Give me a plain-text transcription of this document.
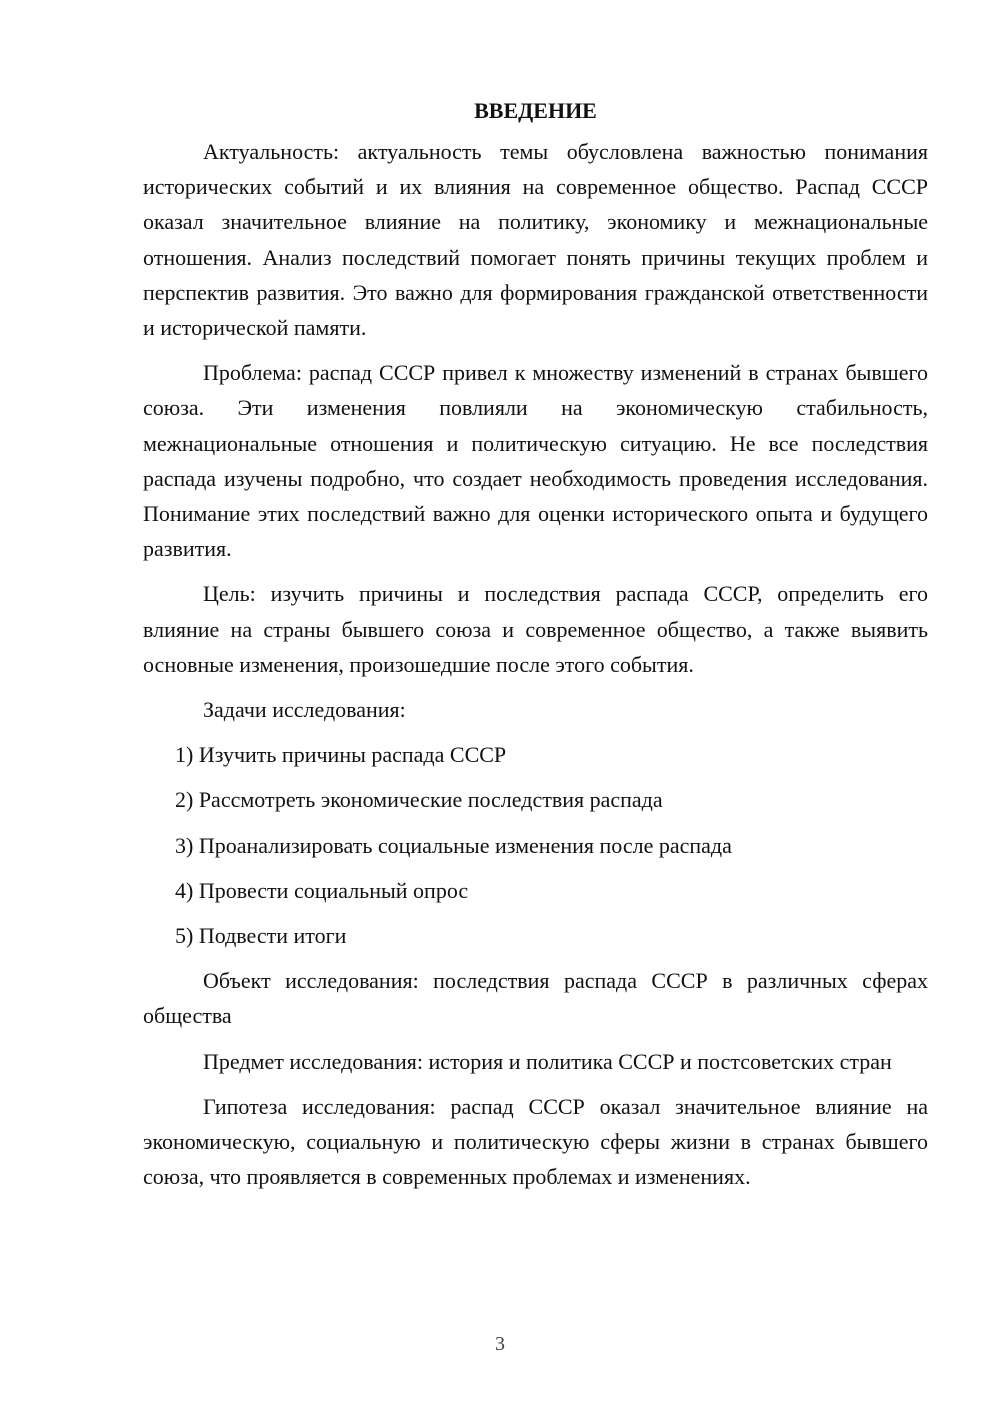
ВВЕДЕНИЕ

Актуальность: актуальность темы обусловлена важностью понимания исторических событий и их влияния на современное общество. Распад СССР оказал значительное влияние на политику, экономику и межнациональные отношения. Анализ последствий помогает понять причины текущих проблем и перспектив развития. Это важно для формирования гражданской ответственности и исторической памяти.

Проблема: распад СССР привел к множеству изменений в странах бывшего союза. Эти изменения повлияли на экономическую стабильность, межнациональные отношения и политическую ситуацию. Не все последствия распада изучены подробно, что создает необходимость проведения исследования. Понимание этих последствий важно для оценки исторического опыта и будущего развития.

Цель: изучить причины и последствия распада СССР, определить его влияние на страны бывшего союза и современное общество, а также выявить основные изменения, произошедшие после этого события.

Задачи исследования:

1) Изучить причины распада СССР
2) Рассмотреть экономические последствия распада
3) Проанализировать социальные изменения после распада
4) Провести социальный опрос
5) Подвести итоги

Объект исследования: последствия распада СССР в различных сферах общества

Предмет исследования: история и политика СССР и постсоветских стран

Гипотеза исследования: распад СССР оказал значительное влияние на экономическую, социальную и политическую сферы жизни в странах бывшего союза, что проявляется в современных проблемах и изменениях.

3
